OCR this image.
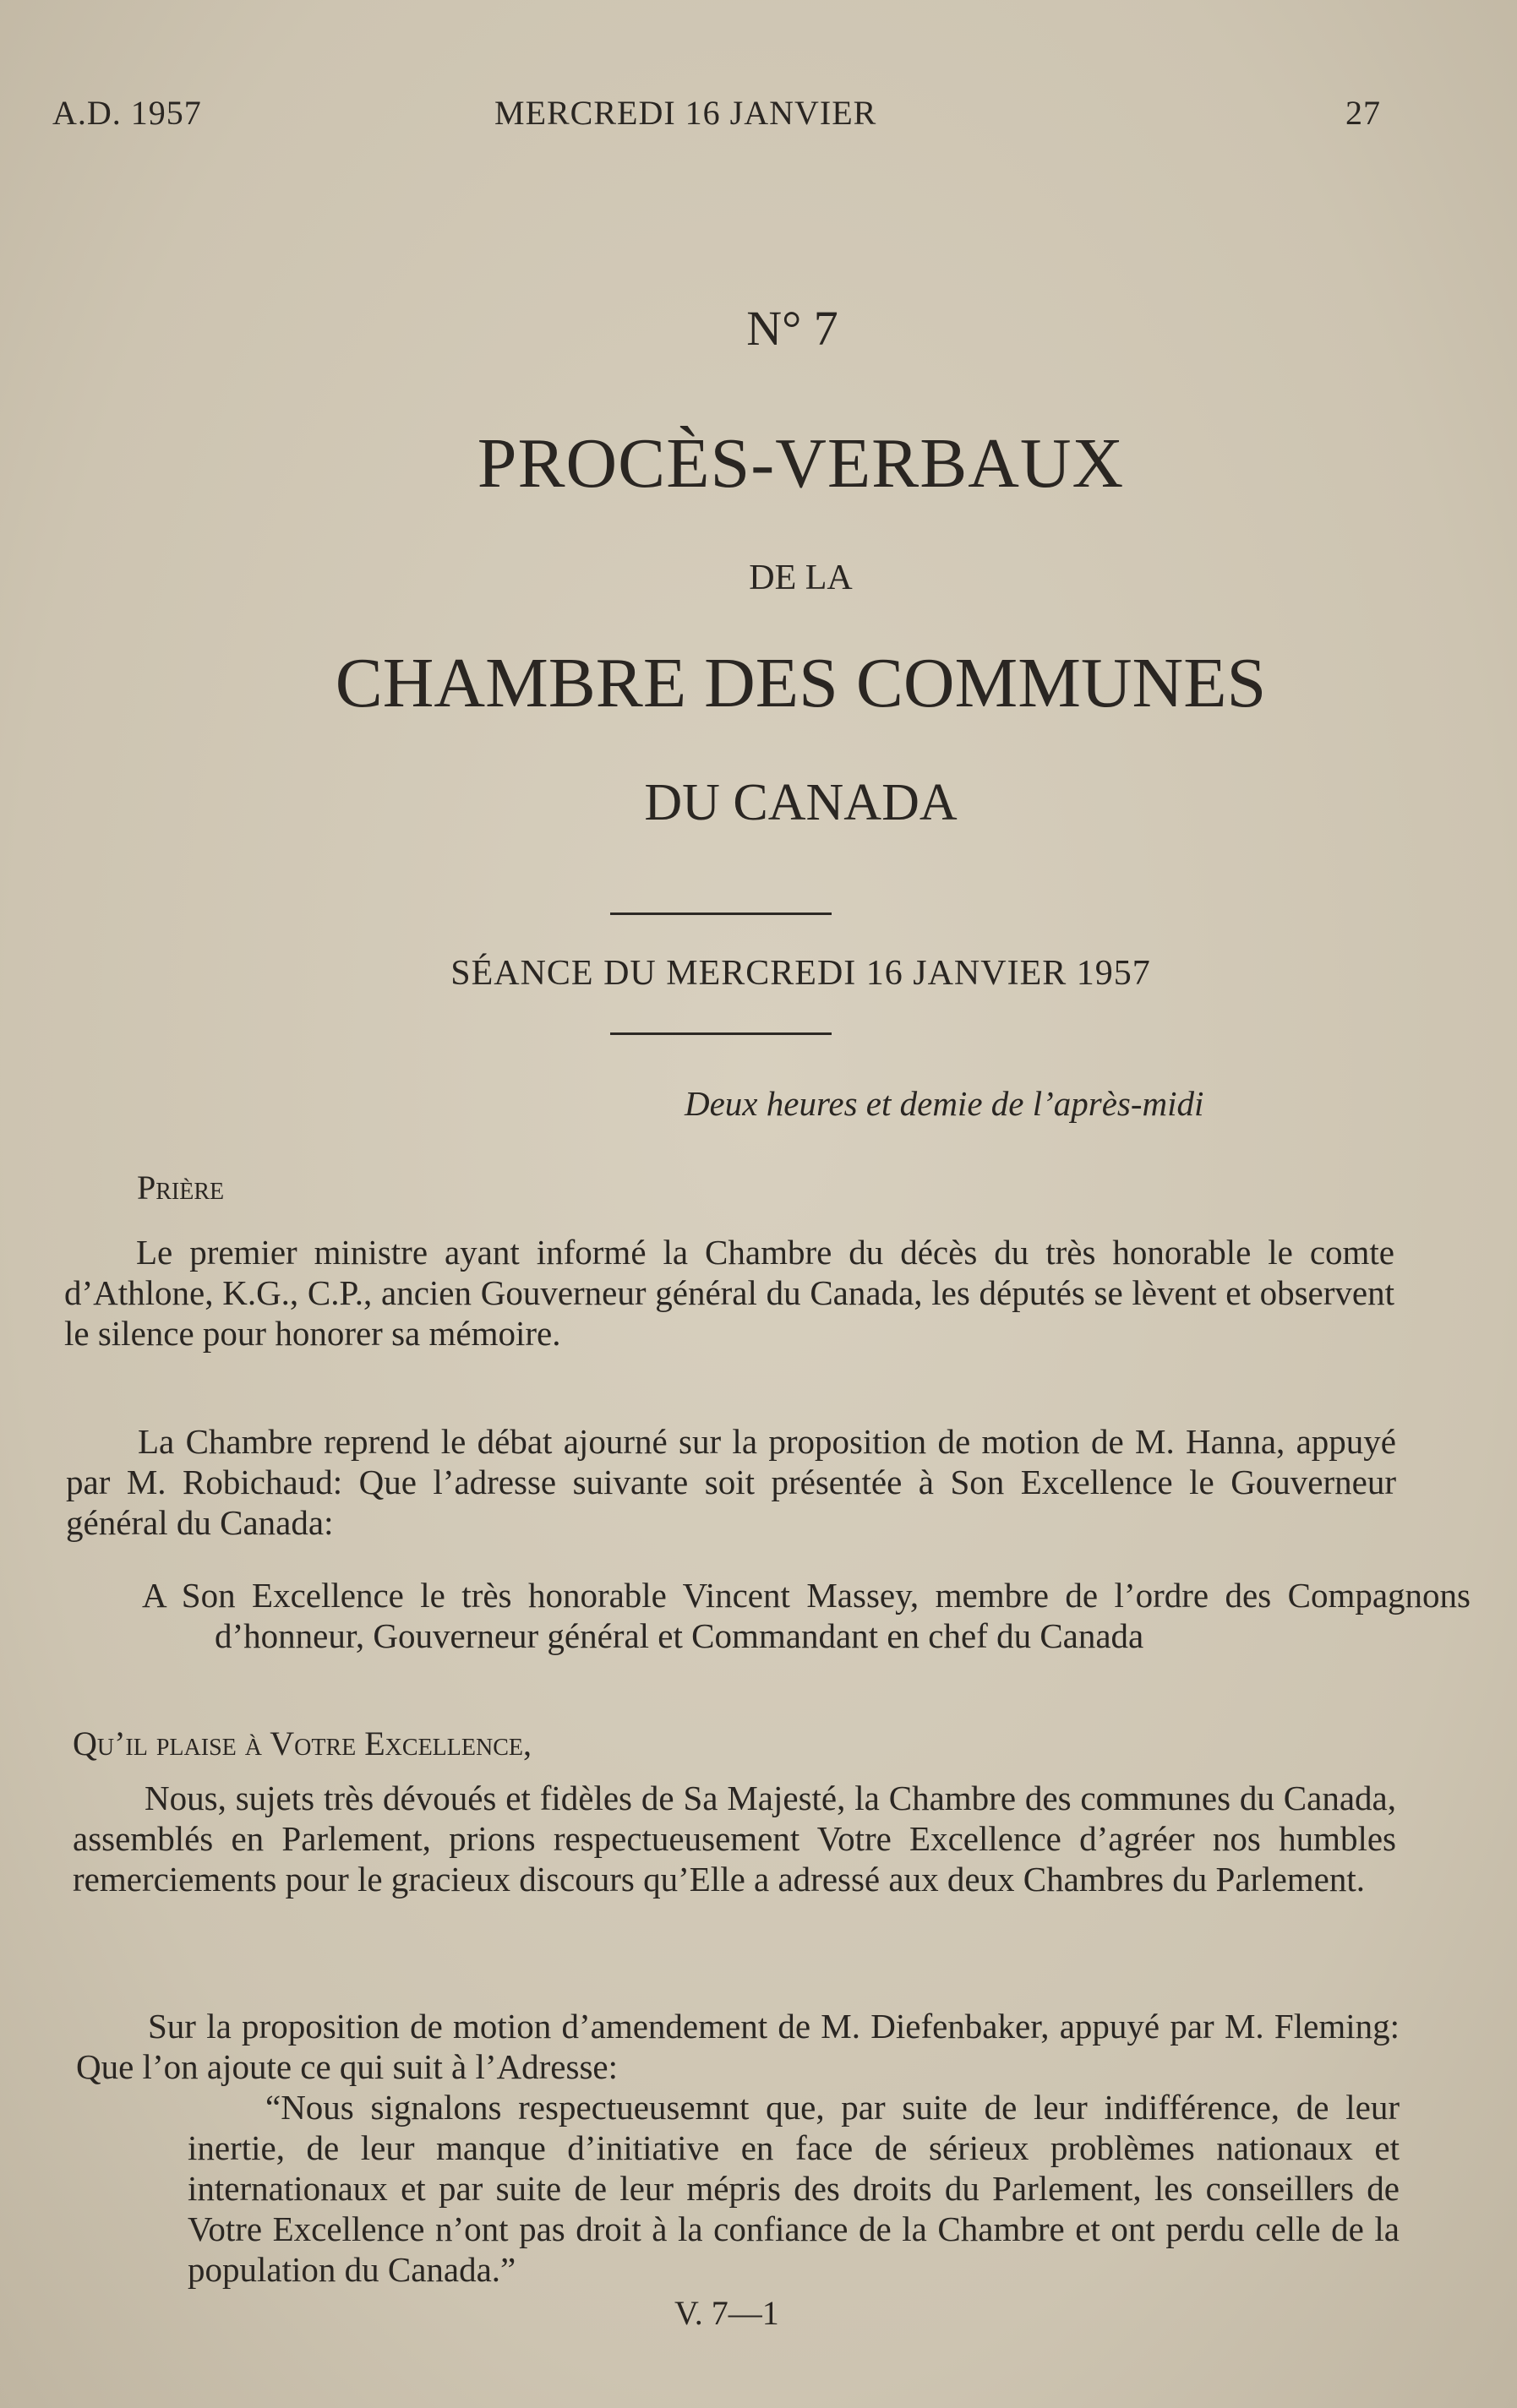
A.D. 1957	MERCREDI 16 JANVIER	27
N° 7
PROCÈS-VERBAUX
DE LA
CHAMBRE DES COMMUNES
DU CANADA
SÉANCE DU MERCREDI 16 JANVIER 1957
Deux heures et demie de l’après-midi
Prière

Le premier ministre ayant informé la Chambre du décès du très honorable le comte d’Athlone, K.G., C.P., ancien Gouverneur général du Canada, les députés se lèvent et observent le silence pour honorer sa mémoire.

La Chambre reprend le débat ajourné sur la proposition de motion de M. Hanna, appuyé par M. Robichaud: Que l’adresse suivante soit présentée à Son Excellence le Gouverneur général du Canada:

A Son Excellence le très honorable Vincent Massey, membre de l’ordre des Compagnons d’honneur, Gouverneur général et Commandant en chef du Canada

Qu’il plaise à Votre Excellence,

Nous, sujets très dévoués et fidèles de Sa Majesté, la Chambre des communes du Canada, assemblés en Parlement, prions respectueusement Votre Excellence d’agréer nos humbles remerciements pour le gracieux discours qu’Elle a adressé aux deux Chambres du Parlement.

Sur la proposition de motion d’amendement de M. Diefenbaker, appuyé par M. Fleming: Que l’on ajoute ce qui suit à l’Adresse:

“Nous signalons respectueusemnt que, par suite de leur indifférence, de leur inertie, de leur manque d’initiative en face de sérieux problèmes nationaux et internationaux et par suite de leur mépris des droits du Parlement, les conseillers de Votre Excellence n’ont pas droit à la confiance de la Chambre et ont perdu celle de la population du Canada.”

V. 7—1
